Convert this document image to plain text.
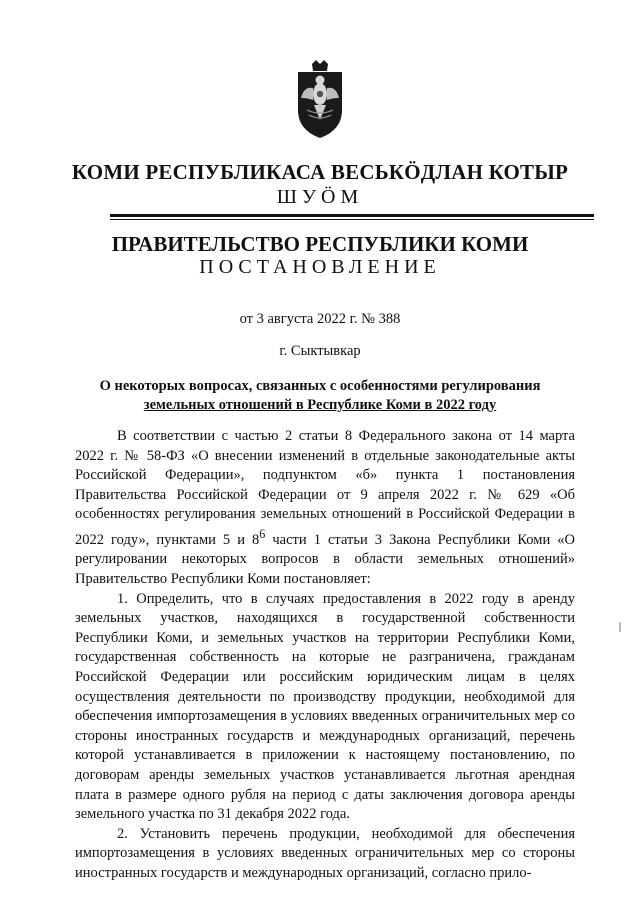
КОМИ РЕСПУБЛИКАСА ВЕСЬКӦДЛАН КОТЫР
ШУӦМ
ПРАВИТЕЛЬСТВО РЕСПУБЛИКИ КОМИ
ПОСТАНОВЛЕНИЕ
от 3 августа 2022 г. № 388
г. Сыктывкар
О некоторых вопросах, связанных с особенностями регулирования
земельных отношений в Республике Коми в 2022 году

В соответствии с частью 2 статьи 8 Федерального закона от 14 марта 2022 г. № 58-ФЗ «О внесении изменений в отдельные законодательные акты Российской Федерации», подпунктом «б» пункта 1 постановления Правительства Российской Федерации от 9 апреля 2022 г. № 629 «Об особенностях регулирования земельных отношений в Российской Федерации в 2022 году», пунктами 5 и $8^6$ части 1 статьи 3 Закона Республики Коми «О регулировании некоторых вопросов в области земельных отношений» Правительство Республики Коми постановляет:

1. Определить, что в случаях предоставления в 2022 году в аренду земельных участков, находящихся в государственной собственности Республики Коми, и земельных участков на территории Республики Коми, государственная собственность на которые не разграничена, гражданам Российской Федерации или российским юридическим лицам в целях осуществления деятельности по производству продукции, необходимой для обеспечения импортозамещения в условиях введенных ограничительных мер со стороны иностранных государств и международных организаций, перечень которой устанавливается в приложении к настоящему постановлению, по договорам аренды земельных участков устанавливается льготная арендная плата в размере одного рубля на период с даты заключения договора аренды земельного участка по 31 декабря 2022 года.

2. Установить перечень продукции, необходимой для обеспечения импортозамещения в условиях введенных ограничительных мер со стороны иностранных государств и международных организаций, согласно прило-
